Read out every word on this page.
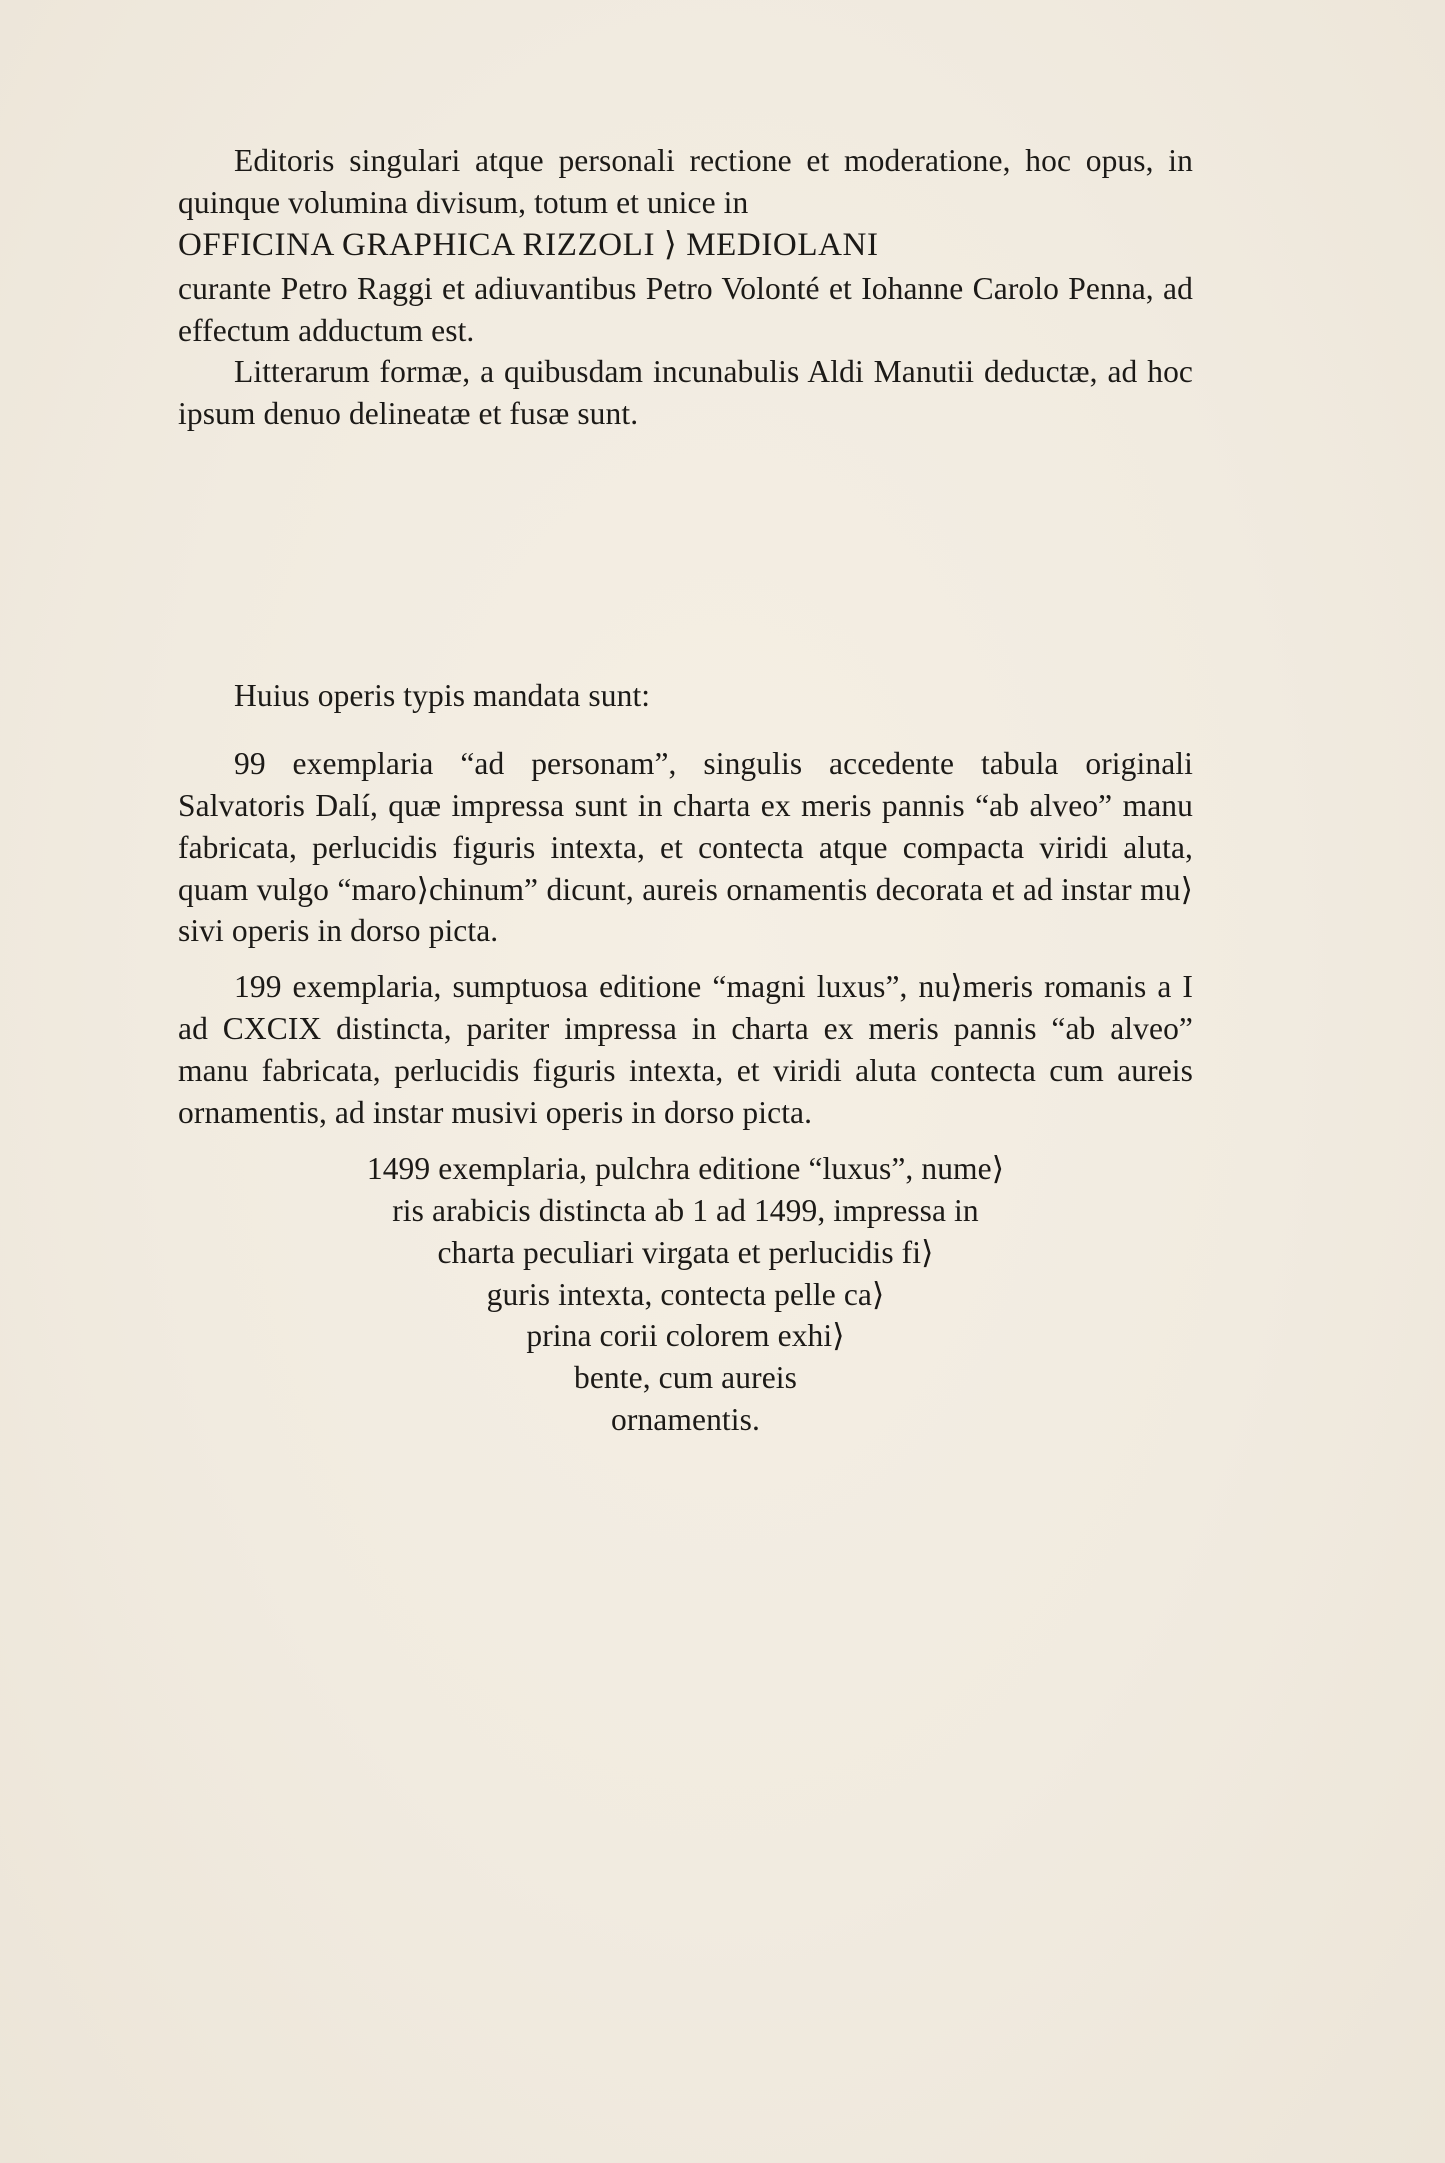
Editoris singulari atque personali rectione et moderatione, hoc opus, in quinque volumina divisum, totum et unice in

OFFICINA GRAPHICA RIZZOLI ⟩ MEDIOLANI

curante Petro Raggi et adiuvantibus Petro Volonté et Iohanne Carolo Penna, ad effectum adductum est.

Litterarum formæ, a quibusdam incunabulis Aldi Manutii deductæ, ad hoc ipsum denuo delineatæ et fusæ sunt.

Huius operis typis mandata sunt:

99 exemplaria “ad personam”, singulis accedente tabula originali Salvatoris Dalí, quæ impressa sunt in charta ex meris pannis “ab alveo” manu fabricata, perlucidis figuris intexta, et contecta atque compacta viridi aluta, quam vulgo “maro⟩chinum” dicunt, aureis ornamentis decorata et ad instar mu⟩sivi operis in dorso picta.

199 exemplaria, sumptuosa editione “magni luxus”, nu⟩meris romanis a I ad CXCIX distincta, pariter impressa in charta ex meris pannis “ab alveo” manu fabricata, perlucidis figuris intexta, et viridi aluta contecta cum aureis ornamentis, ad instar musivi operis in dorso picta.

1499 exemplaria, pulchra editione “luxus”, nume⟩
ris arabicis distincta ab 1 ad 1499, impressa in
charta peculiari virgata et perlucidis fi⟩
guris intexta, contecta pelle ca⟩
prina corii colorem exhi⟩
bente, cum aureis
ornamentis.
